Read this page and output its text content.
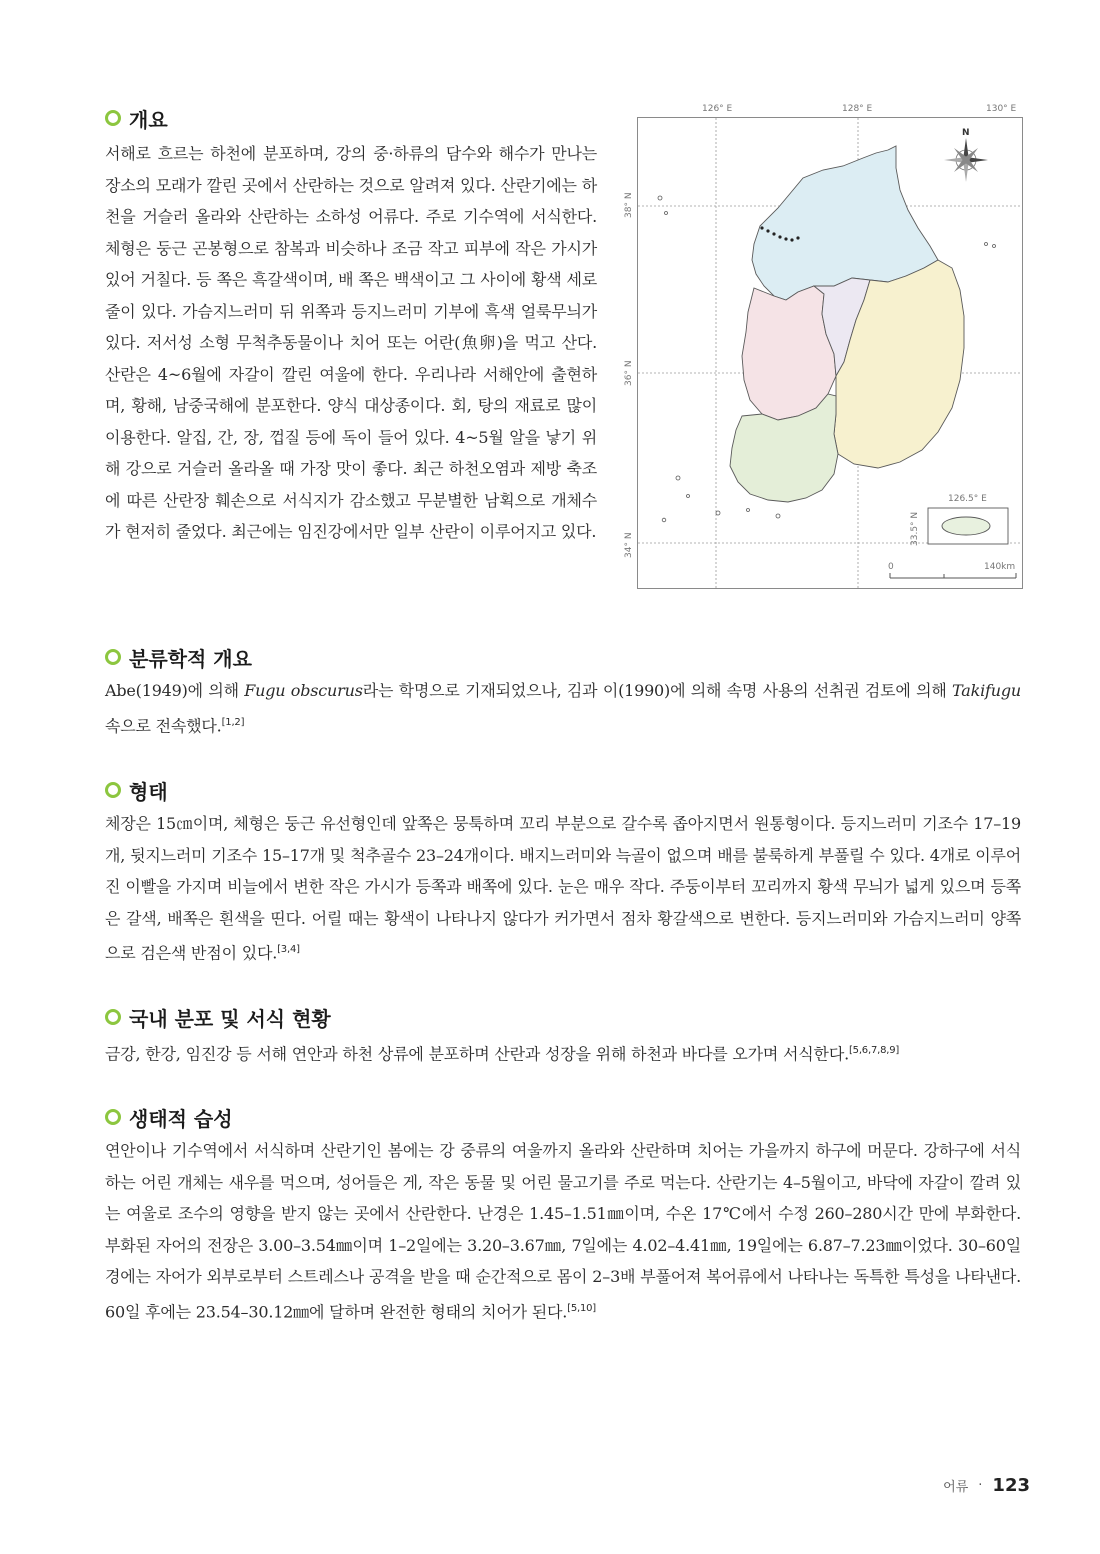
개요

서해로 흐르는 하천에 분포하며, 강의 중·하류의 담수와 해수가 만나는 장소의 모래가 깔린 곳에서 산란하는 것으로 알려져 있다. 산란기에는 하천을 거슬러 올라와 산란하는 소하성 어류다. 주로 기수역에 서식한다. 체형은 둥근 곤봉형으로 참복과 비슷하나 조금 작고 피부에 작은 가시가 있어 거칠다. 등 쪽은 흑갈색이며, 배 쪽은 백색이고 그 사이에 황색 세로줄이 있다. 가슴지느러미 뒤 위쪽과 등지느러미 기부에 흑색 얼룩무늬가 있다. 저서성 소형 무척추동물이나 치어 또는 어란(魚卵)을 먹고 산다. 산란은 4~6월에 자갈이 깔린 여울에 한다. 우리나라 서해안에 출현하며, 황해, 남중국해에 분포한다. 양식 대상종이다. 회, 탕의 재료로 많이 이용한다. 알집, 간, 장, 껍질 등에 독이 들어 있다. 4~5월 알을 낳기 위해 강으로 거슬러 올라올 때 가장 맛이 좋다. 최근 하천오염과 제방 축조에 따른 산란장 훼손으로 서식지가 감소했고 무분별한 남획으로 개체수가 현저히 줄었다. 최근에는 임진강에서만 일부 산란이 이루어지고 있다.

126° E	128° E	130° E
38° N
36° N
34° N
126.5° E
33.5° N
N
0	140km
분류학적 개요

Abe(1949)에 의해 Fugu obscurus라는 학명으로 기재되었으나, 김과 이(1990)에 의해 속명 사용의 선취권 검토에 의해 Takifugu속으로 전속했다.[1,2]

형태

체장은 15㎝이며, 체형은 둥근 유선형인데 앞쪽은 뭉툭하며 꼬리 부분으로 갈수록 좁아지면서 원통형이다. 등지느러미 기조수 17–19개, 뒷지느러미 기조수 15–17개 및 척추골수 23–24개이다. 배지느러미와 늑골이 없으며 배를 불룩하게 부풀릴 수 있다. 4개로 이루어진 이빨을 가지며 비늘에서 변한 작은 가시가 등쪽과 배쪽에 있다. 눈은 매우 작다. 주둥이부터 꼬리까지 황색 무늬가 넓게 있으며 등쪽은 갈색, 배쪽은 흰색을 띤다. 어릴 때는 황색이 나타나지 않다가 커가면서 점차 황갈색으로 변한다. 등지느러미와 가슴지느러미 양쪽으로 검은색 반점이 있다.[3,4]

국내 분포 및 서식 현황

금강, 한강, 임진강 등 서해 연안과 하천 상류에 분포하며 산란과 성장을 위해 하천과 바다를 오가며 서식한다.[5,6,7,8,9]

생태적 습성

연안이나 기수역에서 서식하며 산란기인 봄에는 강 중류의 여울까지 올라와 산란하며 치어는 가을까지 하구에 머문다. 강하구에 서식하는 어린 개체는 새우를 먹으며, 성어들은 게, 작은 동물 및 어린 물고기를 주로 먹는다. 산란기는 4–5월이고, 바닥에 자갈이 깔려 있는 여울로 조수의 영향을 받지 않는 곳에서 산란한다. 난경은 1.45–1.51㎜이며, 수온 17℃에서 수정 260–280시간 만에 부화한다. 부화된 자어의 전장은 3.00–3.54㎜이며 1–2일에는 3.20–3.67㎜, 7일에는 4.02–4.41㎜, 19일에는 6.87–7.23㎜이었다. 30–60일 경에는 자어가 외부로부터 스트레스나 공격을 받을 때 순간적으로 몸이 2–3배 부풀어져 복어류에서 나타나는 독특한 특성을 나타낸다. 60일 후에는 23.54–30.12㎜에 달하며 완전한 형태의 치어가 된다.[5,10]

어류 · 123
